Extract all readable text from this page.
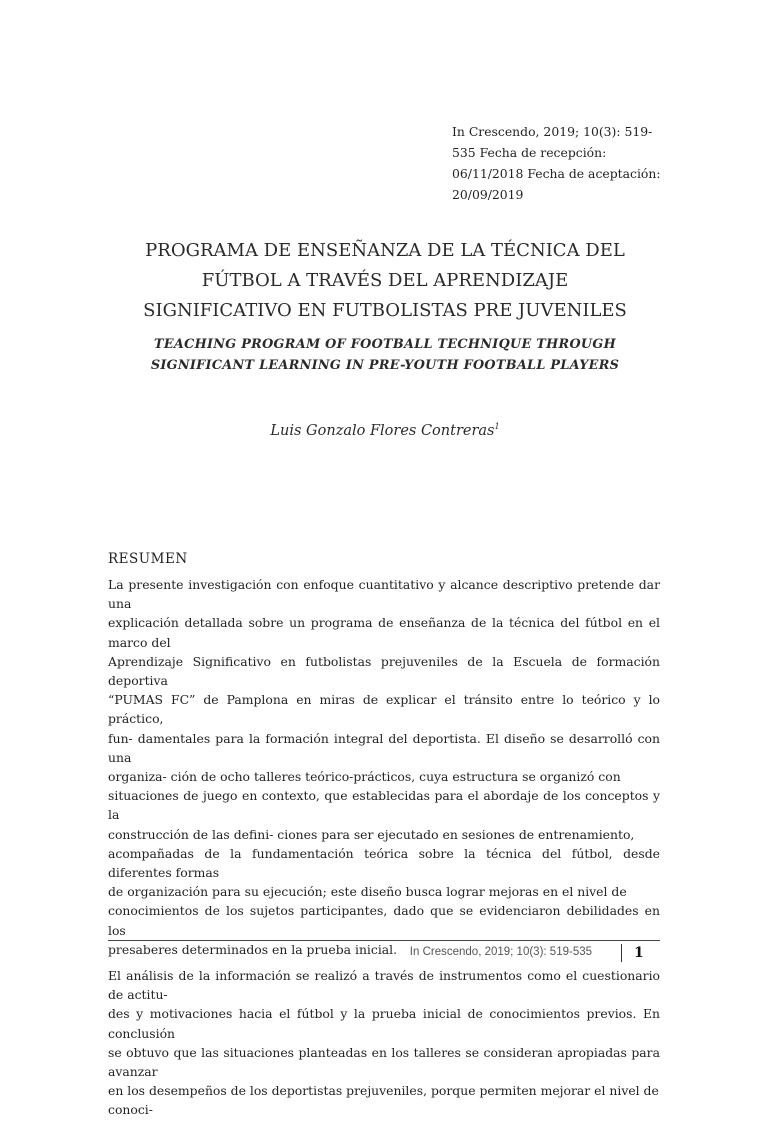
In Crescendo, 2019; 10(3): 519-
535 Fecha de recepción:
06/11/2018 Fecha de aceptación:
20/09/2019
PROGRAMA DE ENSEÑANZA DE LA TÉCNICA DEL
FÚTBOL A TRAVÉS DEL APRENDIZAJE
SIGNIFICATIVO EN FUTBOLISTAS PRE JUVENILES
TEACHING PROGRAM OF FOOTBALL TECHNIQUE THROUGH
SIGNIFICANT LEARNING IN PRE-YOUTH FOOTBALL PLAYERS
Luis Gonzalo Flores Contreras$^1$
RESUMEN

La presente investigación con enfoque cuantitativo y alcance descriptivo pretende dar una
explicación detallada sobre un programa de enseñanza de la técnica del fútbol en el marco del
Aprendizaje Significativo en futbolistas prejuveniles de la Escuela de formación deportiva
“PUMAS FC” de Pamplona en miras de explicar el tránsito entre lo teórico y lo práctico,
fun- damentales para la formación integral del deportista. El diseño se desarrolló con una
organiza- ción de ocho talleres teórico-prácticos, cuya estructura se organizó con
situaciones de juego en contexto, que establecidas para el abordaje de los conceptos y la
construcción de las defini- ciones para ser ejecutado en sesiones de entrenamiento,
acompañadas de la fundamentación teórica sobre la técnica del fútbol, desde diferentes formas
de organización para su ejecución; este diseño busca lograr mejoras en el nivel de
conocimientos de los sujetos participantes, dado que se evidenciaron debilidades en los
presaberes determinados en la prueba inicial.

El análisis de la información se realizó a través de instrumentos como el cuestionario de actitu-
des y motivaciones hacia el fútbol y la prueba inicial de conocimientos previos. En conclusión
se obtuvo que las situaciones planteadas en los talleres se consideran apropiadas para avanzar
en los desempeños de los deportistas prejuveniles, porque permiten mejorar el nivel de
conoci-

In Crescendo, 2019; 10(3): 519-535	1
